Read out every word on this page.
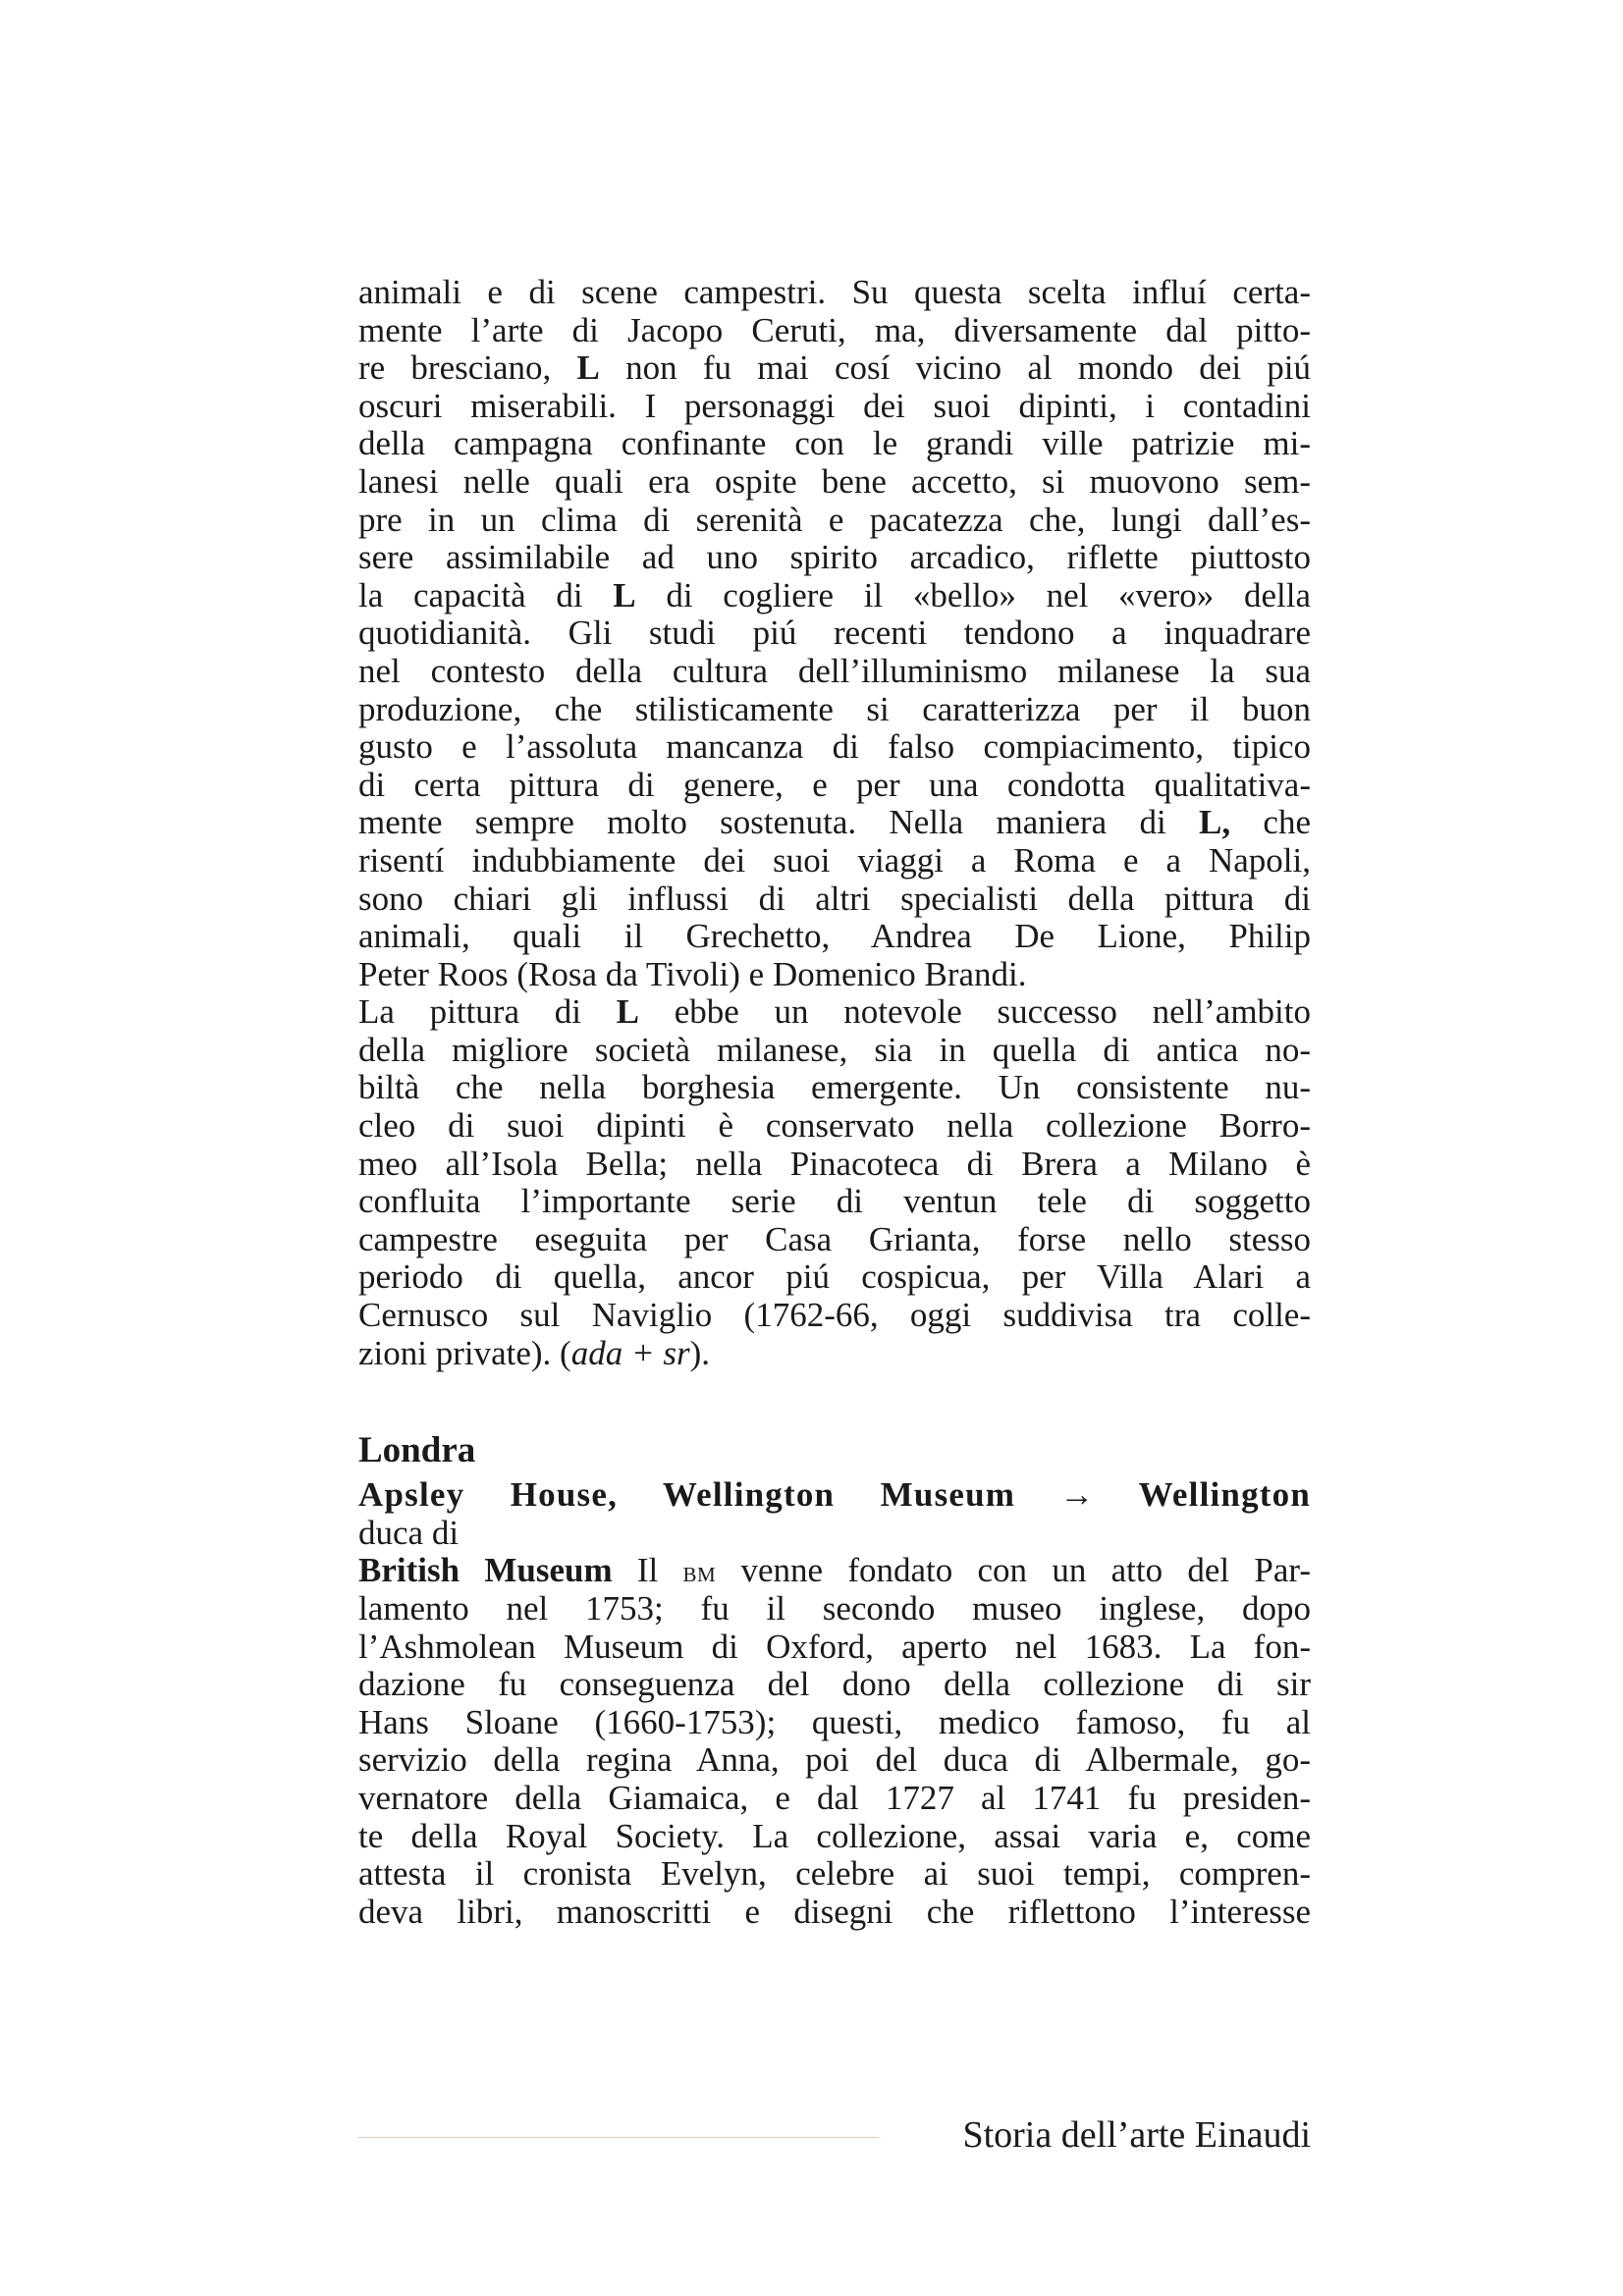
animali e di scene campestri. Su questa scelta influí certa-
mente l’arte di Jacopo Ceruti, ma, diversamente dal pitto-
re bresciano, L non fu mai cosí vicino al mondo dei piú
oscuri miserabili. I personaggi dei suoi dipinti, i contadini
della campagna confinante con le grandi ville patrizie mi-
lanesi nelle quali era ospite bene accetto, si muovono sem-
pre in un clima di serenità e pacatezza che, lungi dall’es-
sere assimilabile ad uno spirito arcadico, riflette piuttosto
la capacità di L di cogliere il «bello» nel «vero» della
quotidianità. Gli studi piú recenti tendono a inquadrare
nel contesto della cultura dell’illuminismo milanese la sua
produzione, che stilisticamente si caratterizza per il buon
gusto e l’assoluta mancanza di falso compiacimento, tipico
di certa pittura di genere, e per una condotta qualitativa-
mente sempre molto sostenuta. Nella maniera di L, che
risentí indubbiamente dei suoi viaggi a Roma e a Napoli,
sono chiari gli influssi di altri specialisti della pittura di
animali, quali il Grechetto, Andrea De Lione, Philip
Peter Roos (Rosa da Tivoli) e Domenico Brandi.
La pittura di L ebbe un notevole successo nell’ambito
della migliore società milanese, sia in quella di antica no-
biltà che nella borghesia emergente. Un consistente nu-
cleo di suoi dipinti è conservato nella collezione Borro-
meo all’Isola Bella; nella Pinacoteca di Brera a Milano è
confluita l’importante serie di ventun tele di soggetto
campestre eseguita per Casa Grianta, forse nello stesso
periodo di quella, ancor piú cospicua, per Villa Alari a
Cernusco sul Naviglio (1762-66, oggi suddivisa tra colle-
zioni private). (ada + sr).
Londra
Apsley House, Wellington Museum → Wellington
duca di
British Museum Il bm venne fondato con un atto del Par-
lamento nel 1753; fu il secondo museo inglese, dopo
l’Ashmolean Museum di Oxford, aperto nel 1683. La fon-
dazione fu conseguenza del dono della collezione di sir
Hans Sloane (1660-1753); questi, medico famoso, fu al
servizio della regina Anna, poi del duca di Albermale, go-
vernatore della Giamaica, e dal 1727 al 1741 fu presiden-
te della Royal Society. La collezione, assai varia e, come
attesta il cronista Evelyn, celebre ai suoi tempi, compren-
deva libri, manoscritti e disegni che riflettono l’interesse
Storia dell’arte Einaudi
